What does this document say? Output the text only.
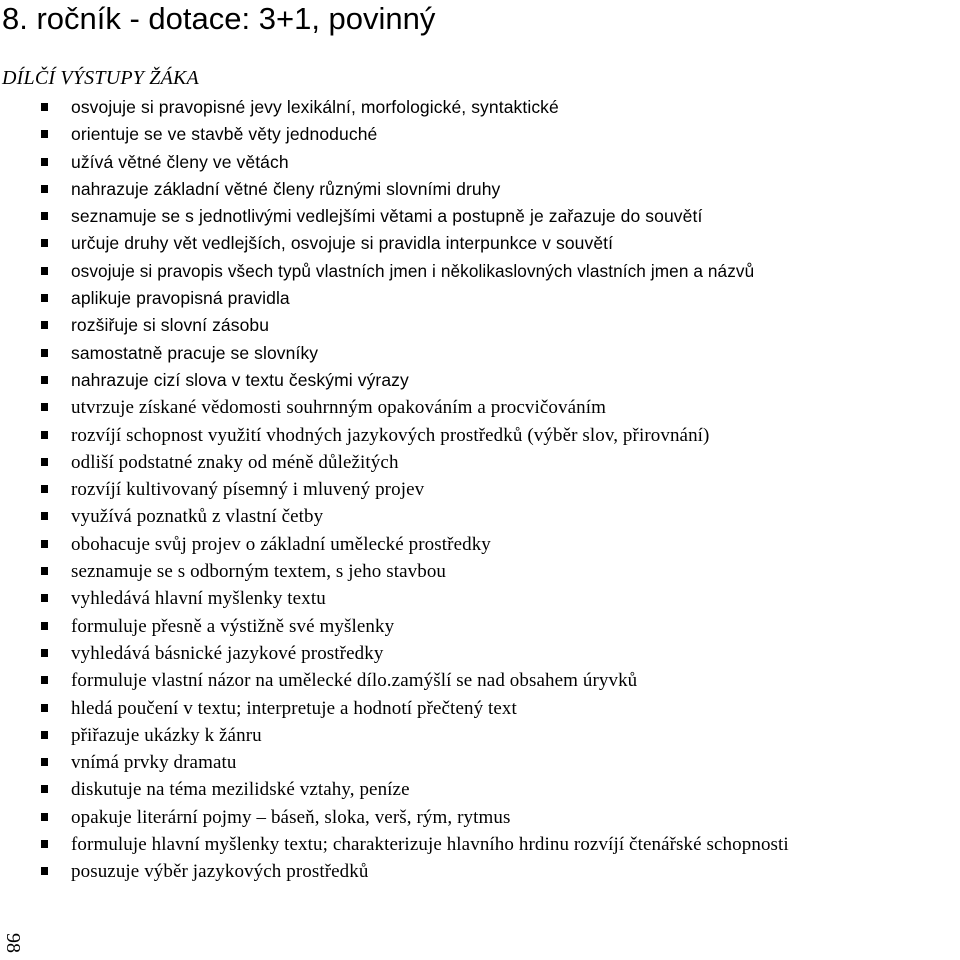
8. ročník - dotace: 3+1, povinný
DÍLČÍ VÝSTUPY ŽÁKA
osvojuje si pravopisné jevy lexikální, morfologické, syntaktické
orientuje se ve stavbě věty jednoduché
užívá větné členy ve větách
nahrazuje základní větné členy různými slovními druhy
seznamuje se s jednotlivými vedlejšími větami a postupně je zařazuje do souvětí
určuje druhy vět vedlejších, osvojuje si pravidla interpunkce v souvětí
osvojuje si pravopis všech typů vlastních jmen i několikaslovných vlastních jmen a názvů
aplikuje pravopisná pravidla
rozšiřuje si slovní zásobu
samostatně pracuje se slovníky
nahrazuje cizí slova v textu českými výrazy
utvrzuje získané vědomosti souhrnným opakováním a procvičováním
rozvíjí schopnost využití vhodných jazykových prostředků (výběr slov, přirovnání)
odliší podstatné znaky od méně důležitých
rozvíjí kultivovaný písemný i mluvený projev
využívá poznatků z vlastní četby
obohacuje svůj projev o základní umělecké prostředky
seznamuje se s odborným textem, s jeho stavbou
vyhledává hlavní myšlenky textu
formuluje přesně a výstižně své myšlenky
vyhledává básnické jazykové prostředky
formuluje vlastní názor na umělecké dílo.zamýšlí se nad obsahem úryvků
hledá poučení v textu; interpretuje a hodnotí přečtený text
přiřazuje ukázky k žánru
vnímá prvky dramatu
diskutuje na téma mezilidské vztahy, peníze
opakuje literární pojmy – báseň, sloka, verš, rým, rytmus
formuluje hlavní myšlenky textu; charakterizuje hlavního hrdinu rozvíjí čtenářské schopnosti
posuzuje výběr jazykových prostředků
98
